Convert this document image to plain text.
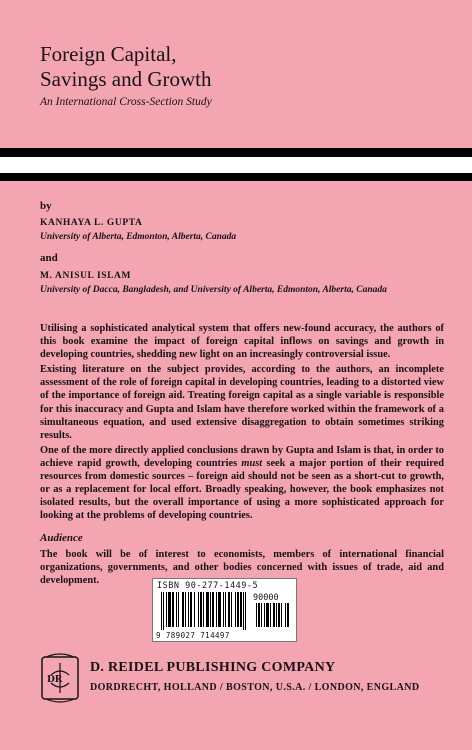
Foreign Capital,
Savings and Growth
An International Cross-Section Study
by
KANHAYA L. GUPTA
University of Alberta, Edmonton, Alberta, Canada
and
M. ANISUL ISLAM
University of Dacca, Bangladesh, and University of Alberta, Edmonton, Alberta, Canada

Utilising a sophisticated analytical system that offers new-found accuracy, the authors of this book examine the impact of foreign capital inflows on savings and growth in developing countries, shedding new light on an increasingly controversial issue.

Existing literature on the subject provides, according to the authors, an incomplete assessment of the role of foreign capital in developing countries, leading to a distorted view of the importance of foreign aid. Treating foreign capital as a single variable is responsible for this inaccuracy and Gupta and Islam have therefore worked within the framework of a simultaneous equation, and used extensive disaggregation to obtain sometimes striking results.

One of the more directly applied conclusions drawn by Gupta and Islam is that, in order to achieve rapid growth, developing countries must seek a major portion of their required resources from domestic sources – foreign aid should not be seen as a short-cut to growth, or as a replacement for local effort. Broadly speaking, however, the book emphasizes not isolated results, but the overall importance of using a more sophisticated approach for looking at the problems of developing countries.

Audience
The book will be of interest to economists, members of international financial organizations, governments, and other bodies concerned with issues of trade, aid and development.	ISBN 90-277-1449-5
90000
9 789027 714497
DR
D. REIDEL PUBLISHING COMPANY
DORDRECHT, HOLLAND / BOSTON, U.S.A. / LONDON, ENGLAND
